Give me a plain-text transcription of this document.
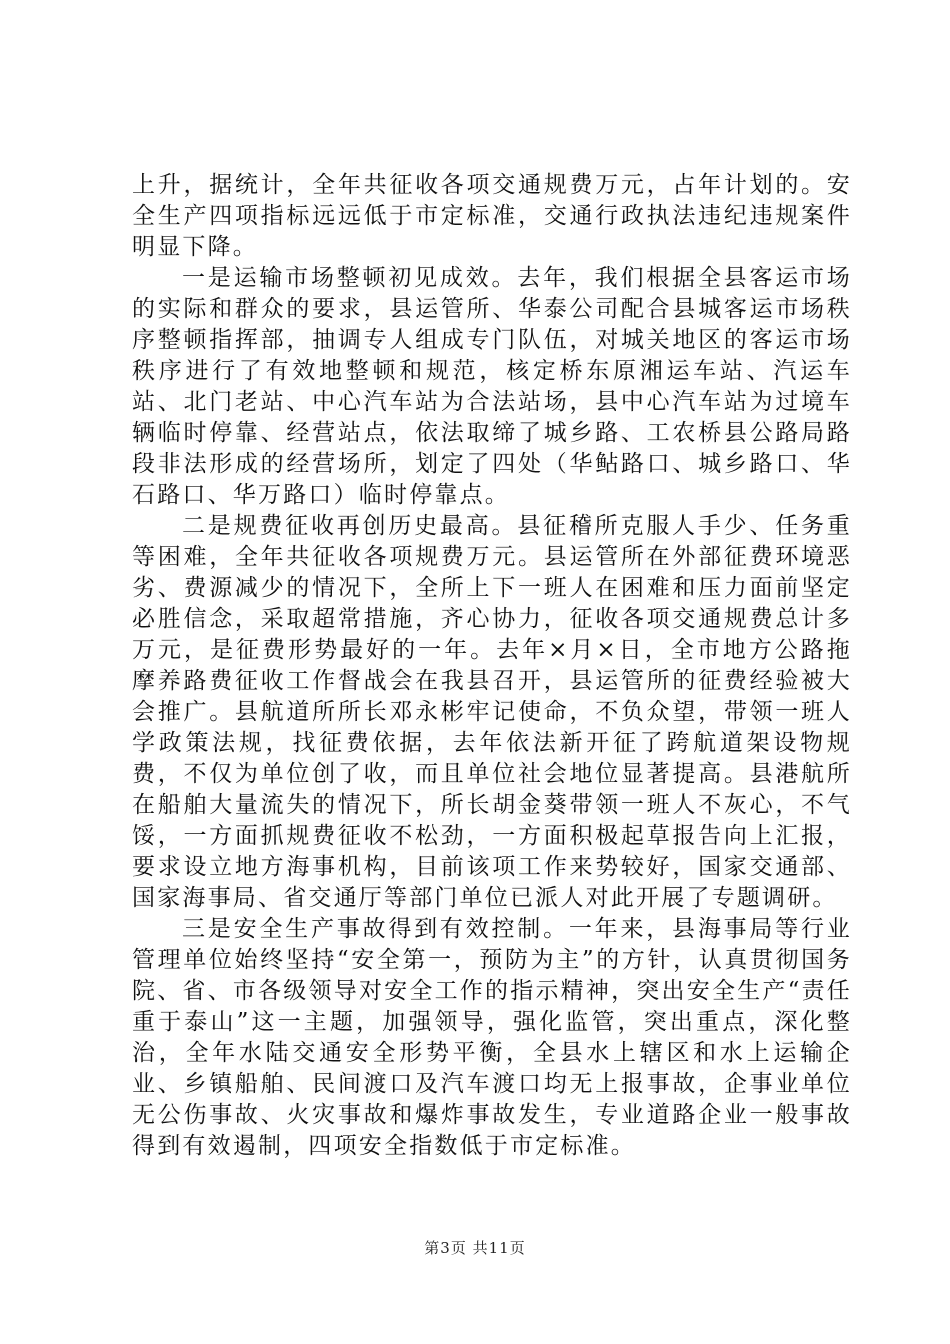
上升，据统计，全年共征收各项交通规费万元，占年计划的。安全生产四项指标远远低于市定标准，交通行政执法违纪违规案件明显下降。

一是运输市场整顿初见成效。去年，我们根据全县客运市场的实际和群众的要求，县运管所、华泰公司配合县城客运市场秩序整顿指挥部，抽调专人组成专门队伍，对城关地区的客运市场秩序进行了有效地整顿和规范，核定桥东原湘运车站、汽运车站、北门老站、中心汽车站为合法站场，县中心汽车站为过境车辆临时停靠、经营站点，依法取缔了城乡路、工农桥县公路局路段非法形成的经营场所，划定了四处（华鲇路口、城乡路口、华石路口、华万路口）临时停靠点。

二是规费征收再创历史最高。县征稽所克服人手少、任务重等困难，全年共征收各项规费万元。县运管所在外部征费环境恶劣、费源减少的情况下，全所上下一班人在困难和压力面前坚定必胜信念，采取超常措施，齐心协力，征收各项交通规费总计多万元，是征费形势最好的一年。去年×月×日，全市地方公路拖摩养路费征收工作督战会在我县召开，县运管所的征费经验被大会推广。县航道所所长邓永彬牢记使命，不负众望，带领一班人学政策法规，找征费依据，去年依法新开征了跨航道架设物规费，不仅为单位创了收，而且单位社会地位显著提高。县港航所在船舶大量流失的情况下，所长胡金葵带领一班人不灰心，不气馁，一方面抓规费征收不松劲，一方面积极起草报告向上汇报，要求设立地方海事机构，目前该项工作来势较好，国家交通部、国家海事局、省交通厅等部门单位已派人对此开展了专题调研。

三是安全生产事故得到有效控制。一年来，县海事局等行业管理单位始终坚持“安全第一，预防为主”的方针，认真贯彻国务院、省、市各级领导对安全工作的指示精神，突出安全生产“责任重于泰山”这一主题，加强领导，强化监管，突出重点，深化整治，全年水陆交通安全形势平衡，全县水上辖区和水上运输企业、乡镇船舶、民间渡口及汽车渡口均无上报事故，企事业单位无公伤事故、火灾事故和爆炸事故发生，专业道路企业一般事故得到有效遏制，四项安全指数低于市定标准。

第3页 共11页
